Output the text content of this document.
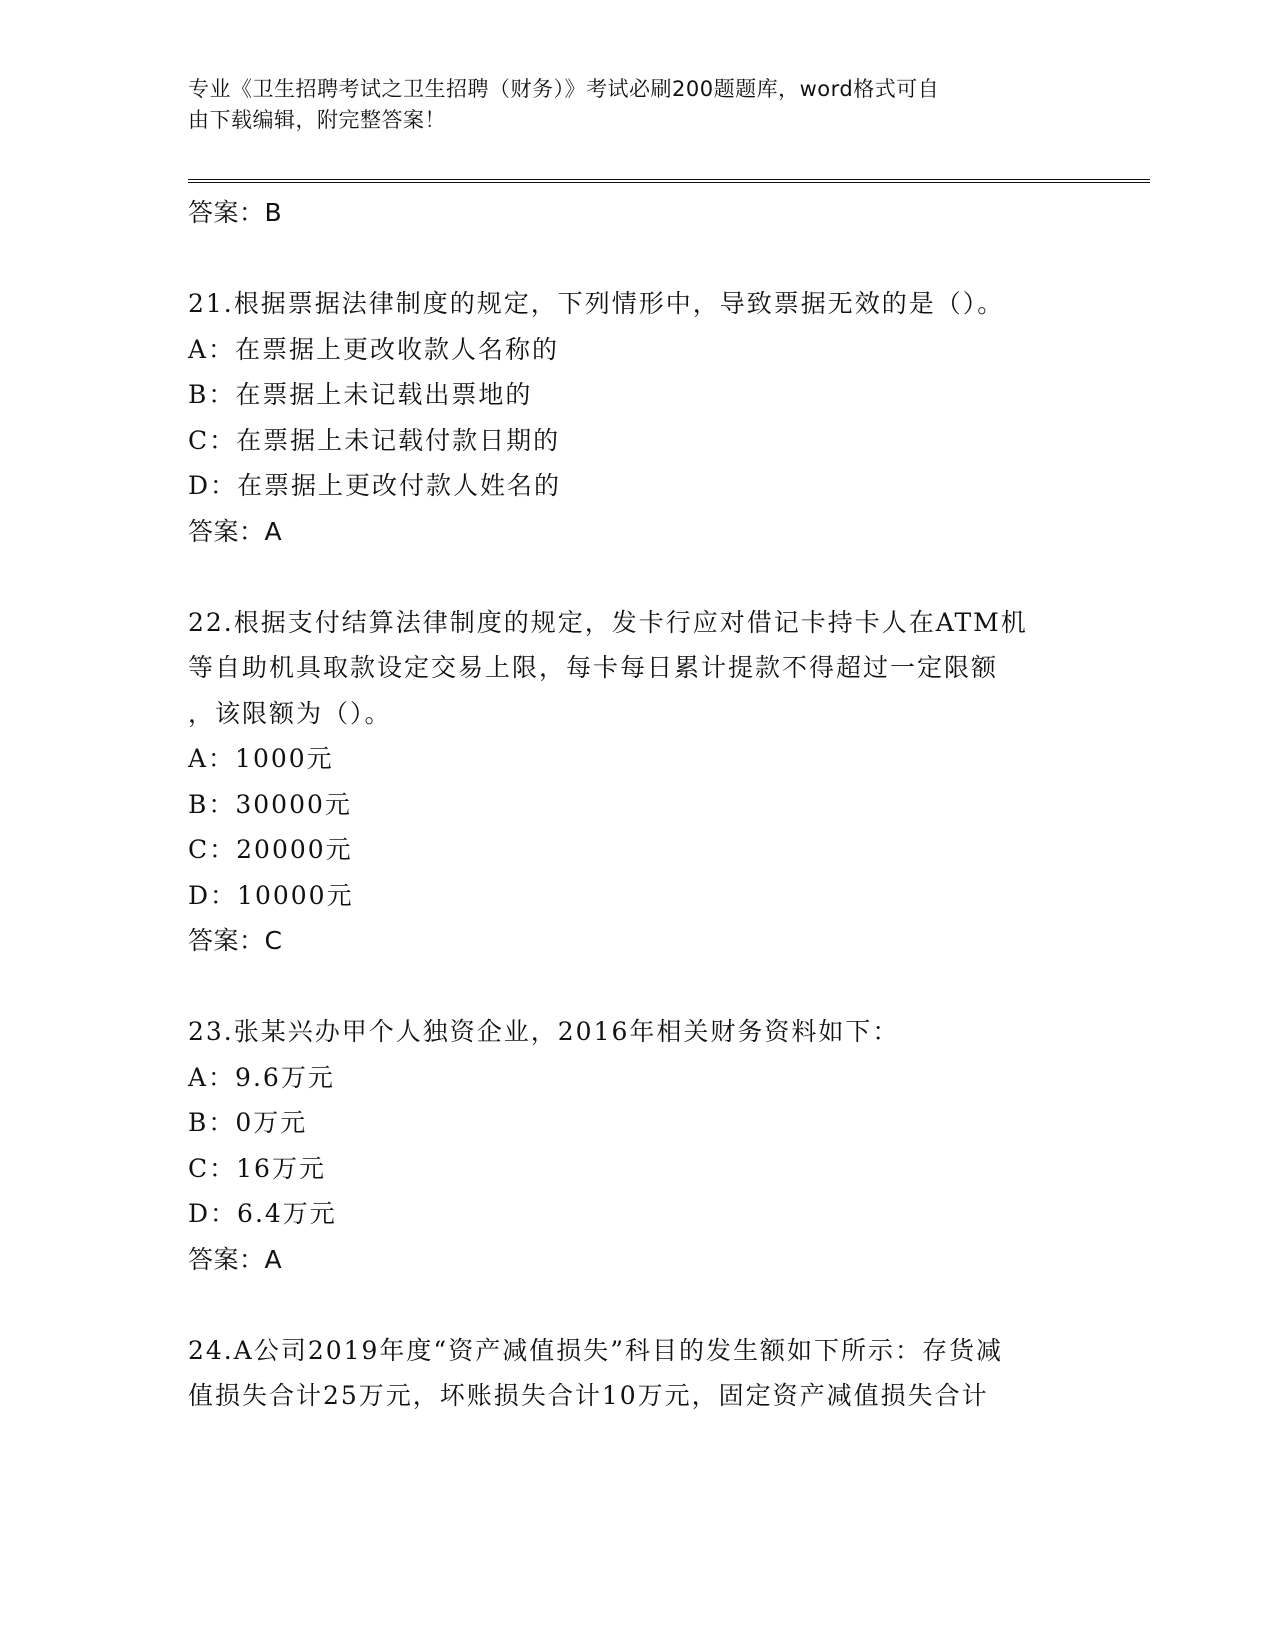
专业《卫生招聘考试之卫生招聘（财务）》考试必刷200题题库，word格式可自
由下载编辑，附完整答案！
答案：B
21.根据票据法律制度的规定，下列情形中，导致票据无效的是（）。
A：在票据上更改收款人名称的
B：在票据上未记载出票地的
C：在票据上未记载付款日期的
D：在票据上更改付款人姓名的
答案：A
22.根据支付结算法律制度的规定，发卡行应对借记卡持卡人在ATM机
等自助机具取款设定交易上限，每卡每日累计提款不得超过一定限额
，该限额为（）。
A：1000元
B：30000元
C：20000元
D：10000元
答案：C
23.张某兴办甲个人独资企业，2016年相关财务资料如下：
A：9.6万元
B：0万元
C：16万元
D：6.4万元
答案：A
24.A公司2019年度“资产减值损失”科目的发生额如下所示：存货减
值损失合计25万元，坏账损失合计10万元，固定资产减值损失合计
